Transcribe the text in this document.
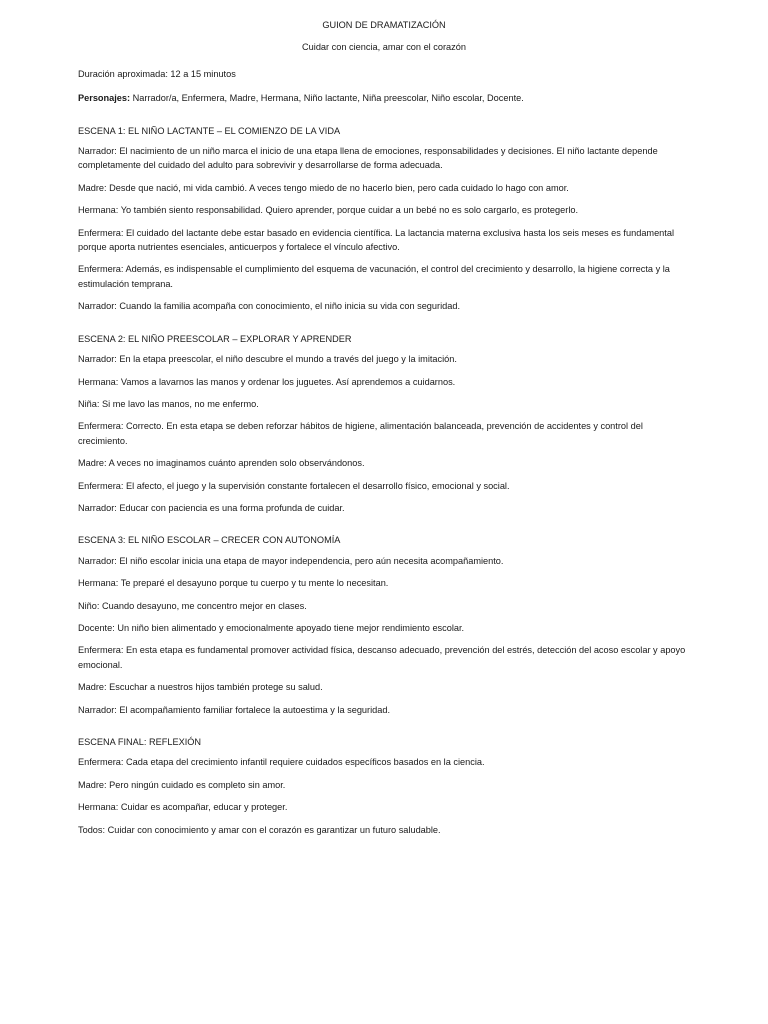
GUION DE DRAMATIZACIÓN
Cuidar con ciencia, amar con el corazón
Duración aproximada: 12 a 15 minutos
Personajes: Narrador/a, Enfermera, Madre, Hermana, Niño lactante, Niña preescolar, Niño escolar, Docente.
ESCENA 1: EL NIÑO LACTANTE – EL COMIENZO DE LA VIDA
Narrador: El nacimiento de un niño marca el inicio de una etapa llena de emociones, responsabilidades y decisiones. El niño lactante depende completamente del cuidado del adulto para sobrevivir y desarrollarse de forma adecuada.
Madre: Desde que nació, mi vida cambió. A veces tengo miedo de no hacerlo bien, pero cada cuidado lo hago con amor.
Hermana: Yo también siento responsabilidad. Quiero aprender, porque cuidar a un bebé no es solo cargarlo, es protegerlo.
Enfermera: El cuidado del lactante debe estar basado en evidencia científica. La lactancia materna exclusiva hasta los seis meses es fundamental porque aporta nutrientes esenciales, anticuerpos y fortalece el vínculo afectivo.
Enfermera: Además, es indispensable el cumplimiento del esquema de vacunación, el control del crecimiento y desarrollo, la higiene correcta y la estimulación temprana.
Narrador: Cuando la familia acompaña con conocimiento, el niño inicia su vida con seguridad.
ESCENA 2: EL NIÑO PREESCOLAR – EXPLORAR Y APRENDER
Narrador: En la etapa preescolar, el niño descubre el mundo a través del juego y la imitación.
Hermana: Vamos a lavarnos las manos y ordenar los juguetes. Así aprendemos a cuidarnos.
Niña: Si me lavo las manos, no me enfermo.
Enfermera: Correcto. En esta etapa se deben reforzar hábitos de higiene, alimentación balanceada, prevención de accidentes y control del crecimiento.
Madre: A veces no imaginamos cuánto aprenden solo observándonos.
Enfermera: El afecto, el juego y la supervisión constante fortalecen el desarrollo físico, emocional y social.
Narrador: Educar con paciencia es una forma profunda de cuidar.
ESCENA 3: EL NIÑO ESCOLAR – CRECER CON AUTONOMÍA
Narrador: El niño escolar inicia una etapa de mayor independencia, pero aún necesita acompañamiento.
Hermana: Te preparé el desayuno porque tu cuerpo y tu mente lo necesitan.
Niño: Cuando desayuno, me concentro mejor en clases.
Docente: Un niño bien alimentado y emocionalmente apoyado tiene mejor rendimiento escolar.
Enfermera: En esta etapa es fundamental promover actividad física, descanso adecuado, prevención del estrés, detección del acoso escolar y apoyo emocional.
Madre: Escuchar a nuestros hijos también protege su salud.
Narrador: El acompañamiento familiar fortalece la autoestima y la seguridad.
ESCENA FINAL: REFLEXIÓN
Enfermera: Cada etapa del crecimiento infantil requiere cuidados específicos basados en la ciencia.
Madre: Pero ningún cuidado es completo sin amor.
Hermana: Cuidar es acompañar, educar y proteger.
Todos: Cuidar con conocimiento y amar con el corazón es garantizar un futuro saludable.
